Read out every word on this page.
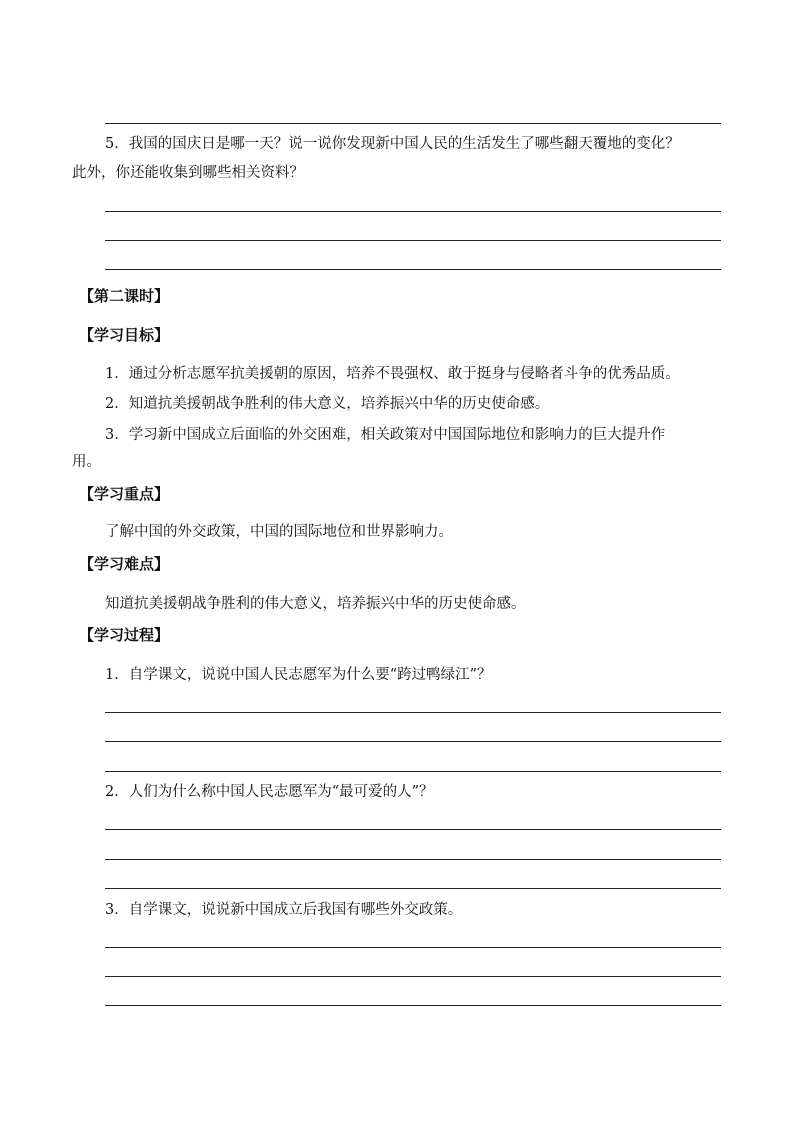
5．我国的国庆日是哪一天？说一说你发现新中国人民的生活发生了哪些翻天覆地的变化？
此外，你还能收集到哪些相关资料？
【第二课时】
【学习目标】
1．通过分析志愿军抗美援朝的原因，培养不畏强权、敢于挺身与侵略者斗争的优秀品质。
2．知道抗美援朝战争胜利的伟大意义，培养振兴中华的历史使命感。
3．学习新中国成立后面临的外交困难，相关政策对中国国际地位和影响力的巨大提升作
用。
【学习重点】
了解中国的外交政策，中国的国际地位和世界影响力。
【学习难点】
知道抗美援朝战争胜利的伟大意义，培养振兴中华的历史使命感。
【学习过程】
1．自学课文，说说中国人民志愿军为什么要“跨过鸭绿江”？
2．人们为什么称中国人民志愿军为“最可爱的人”？
3．自学课文，说说新中国成立后我国有哪些外交政策。
